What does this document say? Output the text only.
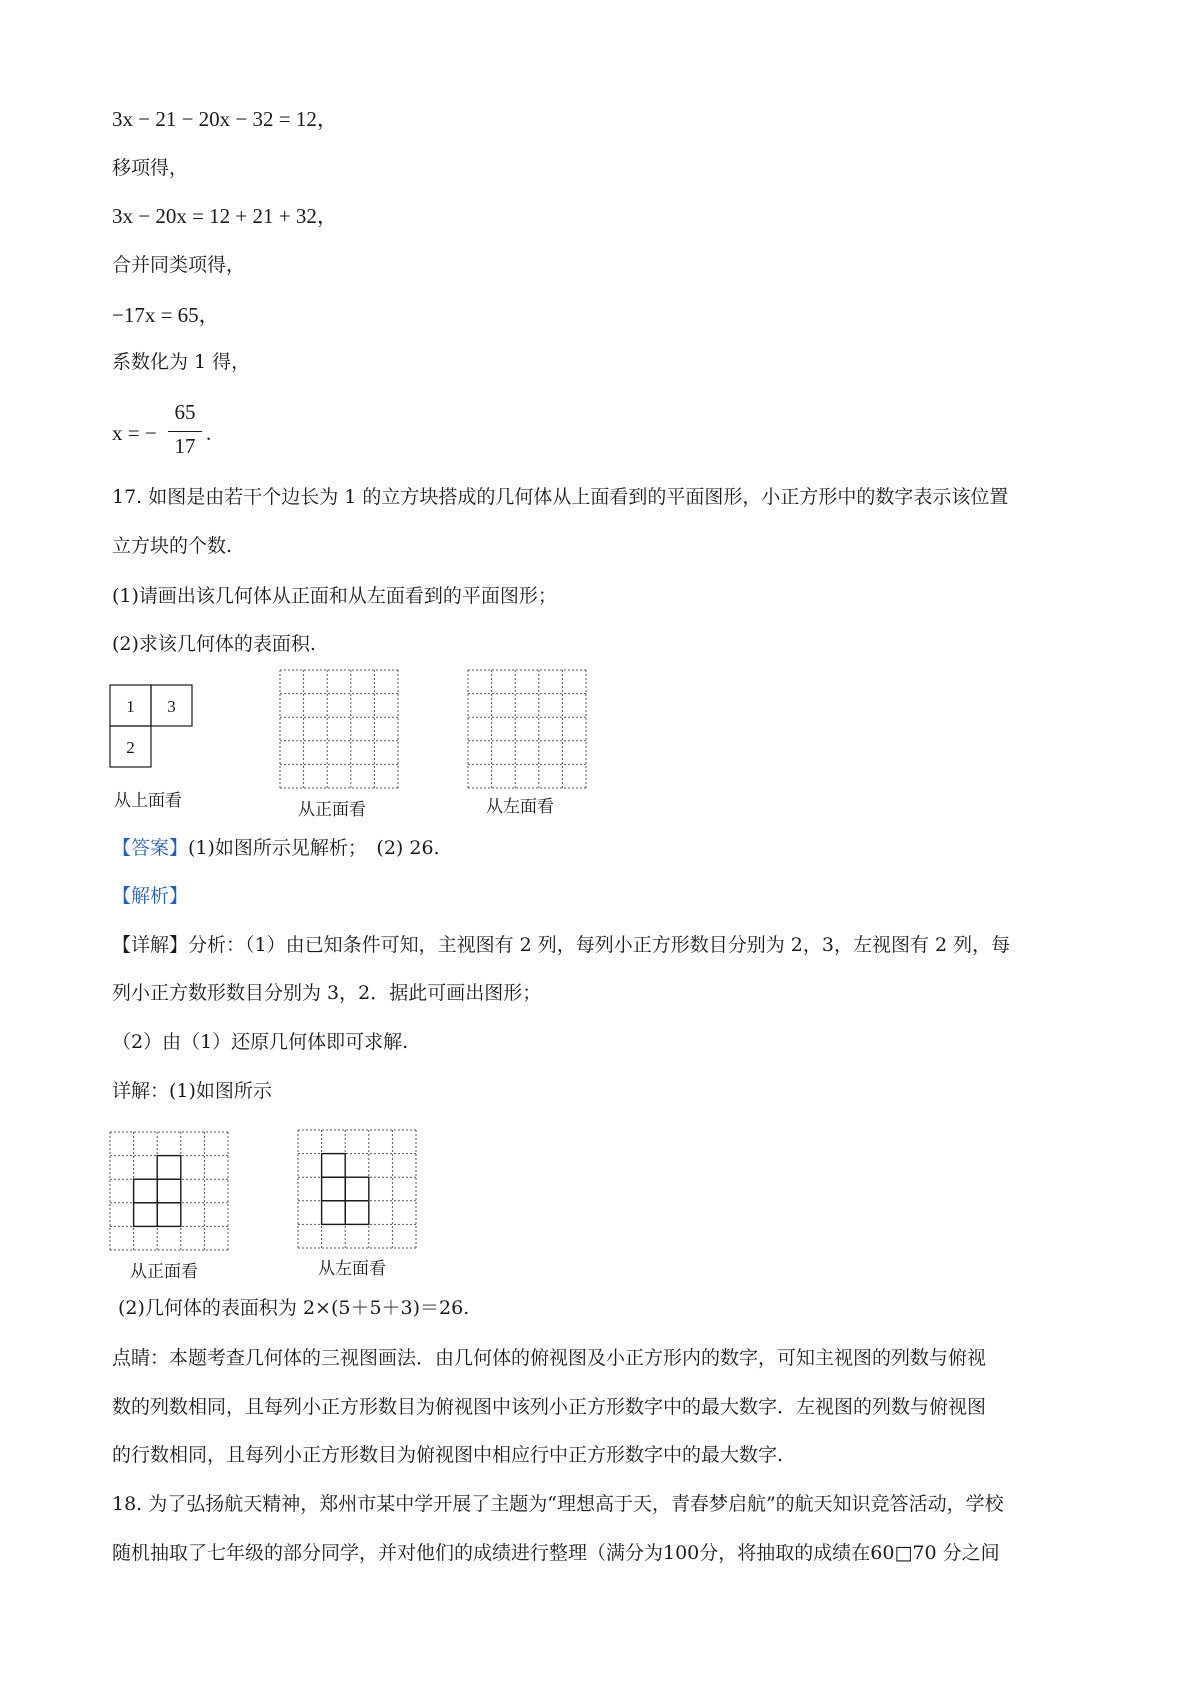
3x − 21 − 20x − 32 = 12，
移项得，
3x − 20x = 12 + 21 + 32，
合并同类项得，
−17x = 65，
系数化为 1 得，
x = −
65
17
.
17. 如图是由若干个边长为 1 的立方块搭成的几何体从上面看到的平面图形，小正方形中的数字表示该位置
立方块的个数.
(1)请画出该几何体从正面和从左面看到的平面图形；
(2)求该几何体的表面积.
1 3
2
从上面看	从正面看	从左面看
【答案】(1)如图所示见解析；　(2) 26.
【解析】
【详解】分析：（1）由已知条件可知，主视图有 2 列，每列小正方形数目分别为 2，3，左视图有 2 列，每
列小正方数形数目分别为 3，2．据此可画出图形；
（2）由（1）还原几何体即可求解.
详解：(1)如图所示
从正面看	从左面看
(2)几何体的表面积为 2×(5＋5＋3)＝26.
点睛：本题考查几何体的三视图画法．由几何体的俯视图及小正方形内的数字，可知主视图的列数与俯视
数的列数相同，且每列小正方形数目为俯视图中该列小正方形数字中的最大数字．左视图的列数与俯视图
的行数相同，且每列小正方形数目为俯视图中相应行中正方形数字中的最大数字.
18. 为了弘扬航天精神，郑州市某中学开展了主题为“理想高于天，青春梦启航”的航天知识竞答活动，学校
随机抽取了七年级的部分同学，并对他们的成绩进行整理（满分为100分，将抽取的成绩在60□70 分之间
